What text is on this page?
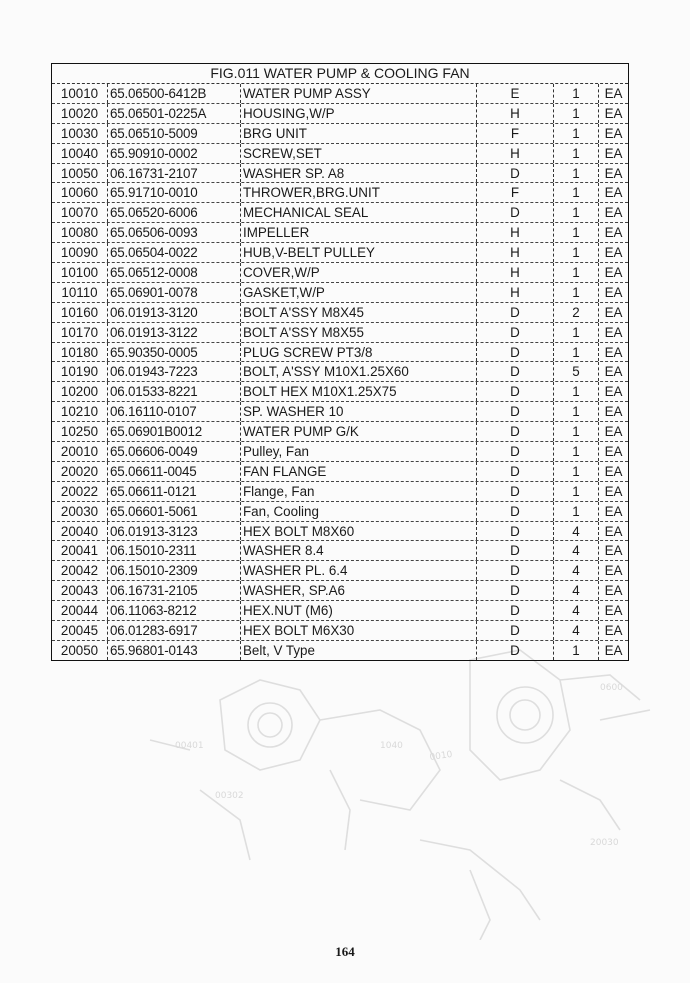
0010
1040
00401
00302
0600
20030
FIG.011 WATER PUMP & COOLING FAN
10010 65.06500-6412B	WATER PUMP ASSY	E	1	EA
10020 65.06501-0225A	HOUSING,W/P	H	1	EA
10030 65.06510-5009	BRG UNIT	F	1	EA
10040 65.90910-0002	SCREW,SET	H	1	EA
10050 06.16731-2107	WASHER SP. A8	D	1	EA
10060 65.91710-0010	THROWER,BRG.UNIT	F	1	EA
10070 65.06520-6006	MECHANICAL SEAL	D	1	EA
10080 65.06506-0093	IMPELLER	H	1	EA
10090 65.06504-0022	HUB,V-BELT PULLEY	H	1	EA
10100 65.06512-0008	COVER,W/P	H	1	EA
10110 65.06901-0078	GASKET,W/P	H	1	EA
10160 06.01913-3120	BOLT A'SSY M8X45	D	2	EA
10170 06.01913-3122	BOLT A'SSY M8X55	D	1	EA
10180 65.90350-0005	PLUG SCREW PT3/8	D	1	EA
10190 06.01943-7223	BOLT, A'SSY M10X1.25X60	D	5	EA
10200 06.01533-8221	BOLT HEX M10X1.25X75	D	1	EA
10210 06.16110-0107	SP. WASHER 10	D	1	EA
10250 65.06901B0012	WATER PUMP G/K	D	1	EA
20010 65.06606-0049	Pulley, Fan	D	1	EA
20020 65.06611-0045	FAN FLANGE	D	1	EA
20022 65.06611-0121	Flange, Fan	D	1	EA
20030 65.06601-5061	Fan, Cooling	D	1	EA
20040 06.01913-3123	HEX BOLT M8X60	D	4	EA
20041 06.15010-2311	WASHER 8.4	D	4	EA
20042 06.15010-2309	WASHER PL. 6.4	D	4	EA
20043 06.16731-2105	WASHER, SP.A6	D	4	EA
20044 06.11063-8212	HEX.NUT (M6)	D	4	EA
20045 06.01283-6917	HEX BOLT M6X30	D	4	EA
20050 65.96801-0143	Belt, V Type	D	1	EA
164
